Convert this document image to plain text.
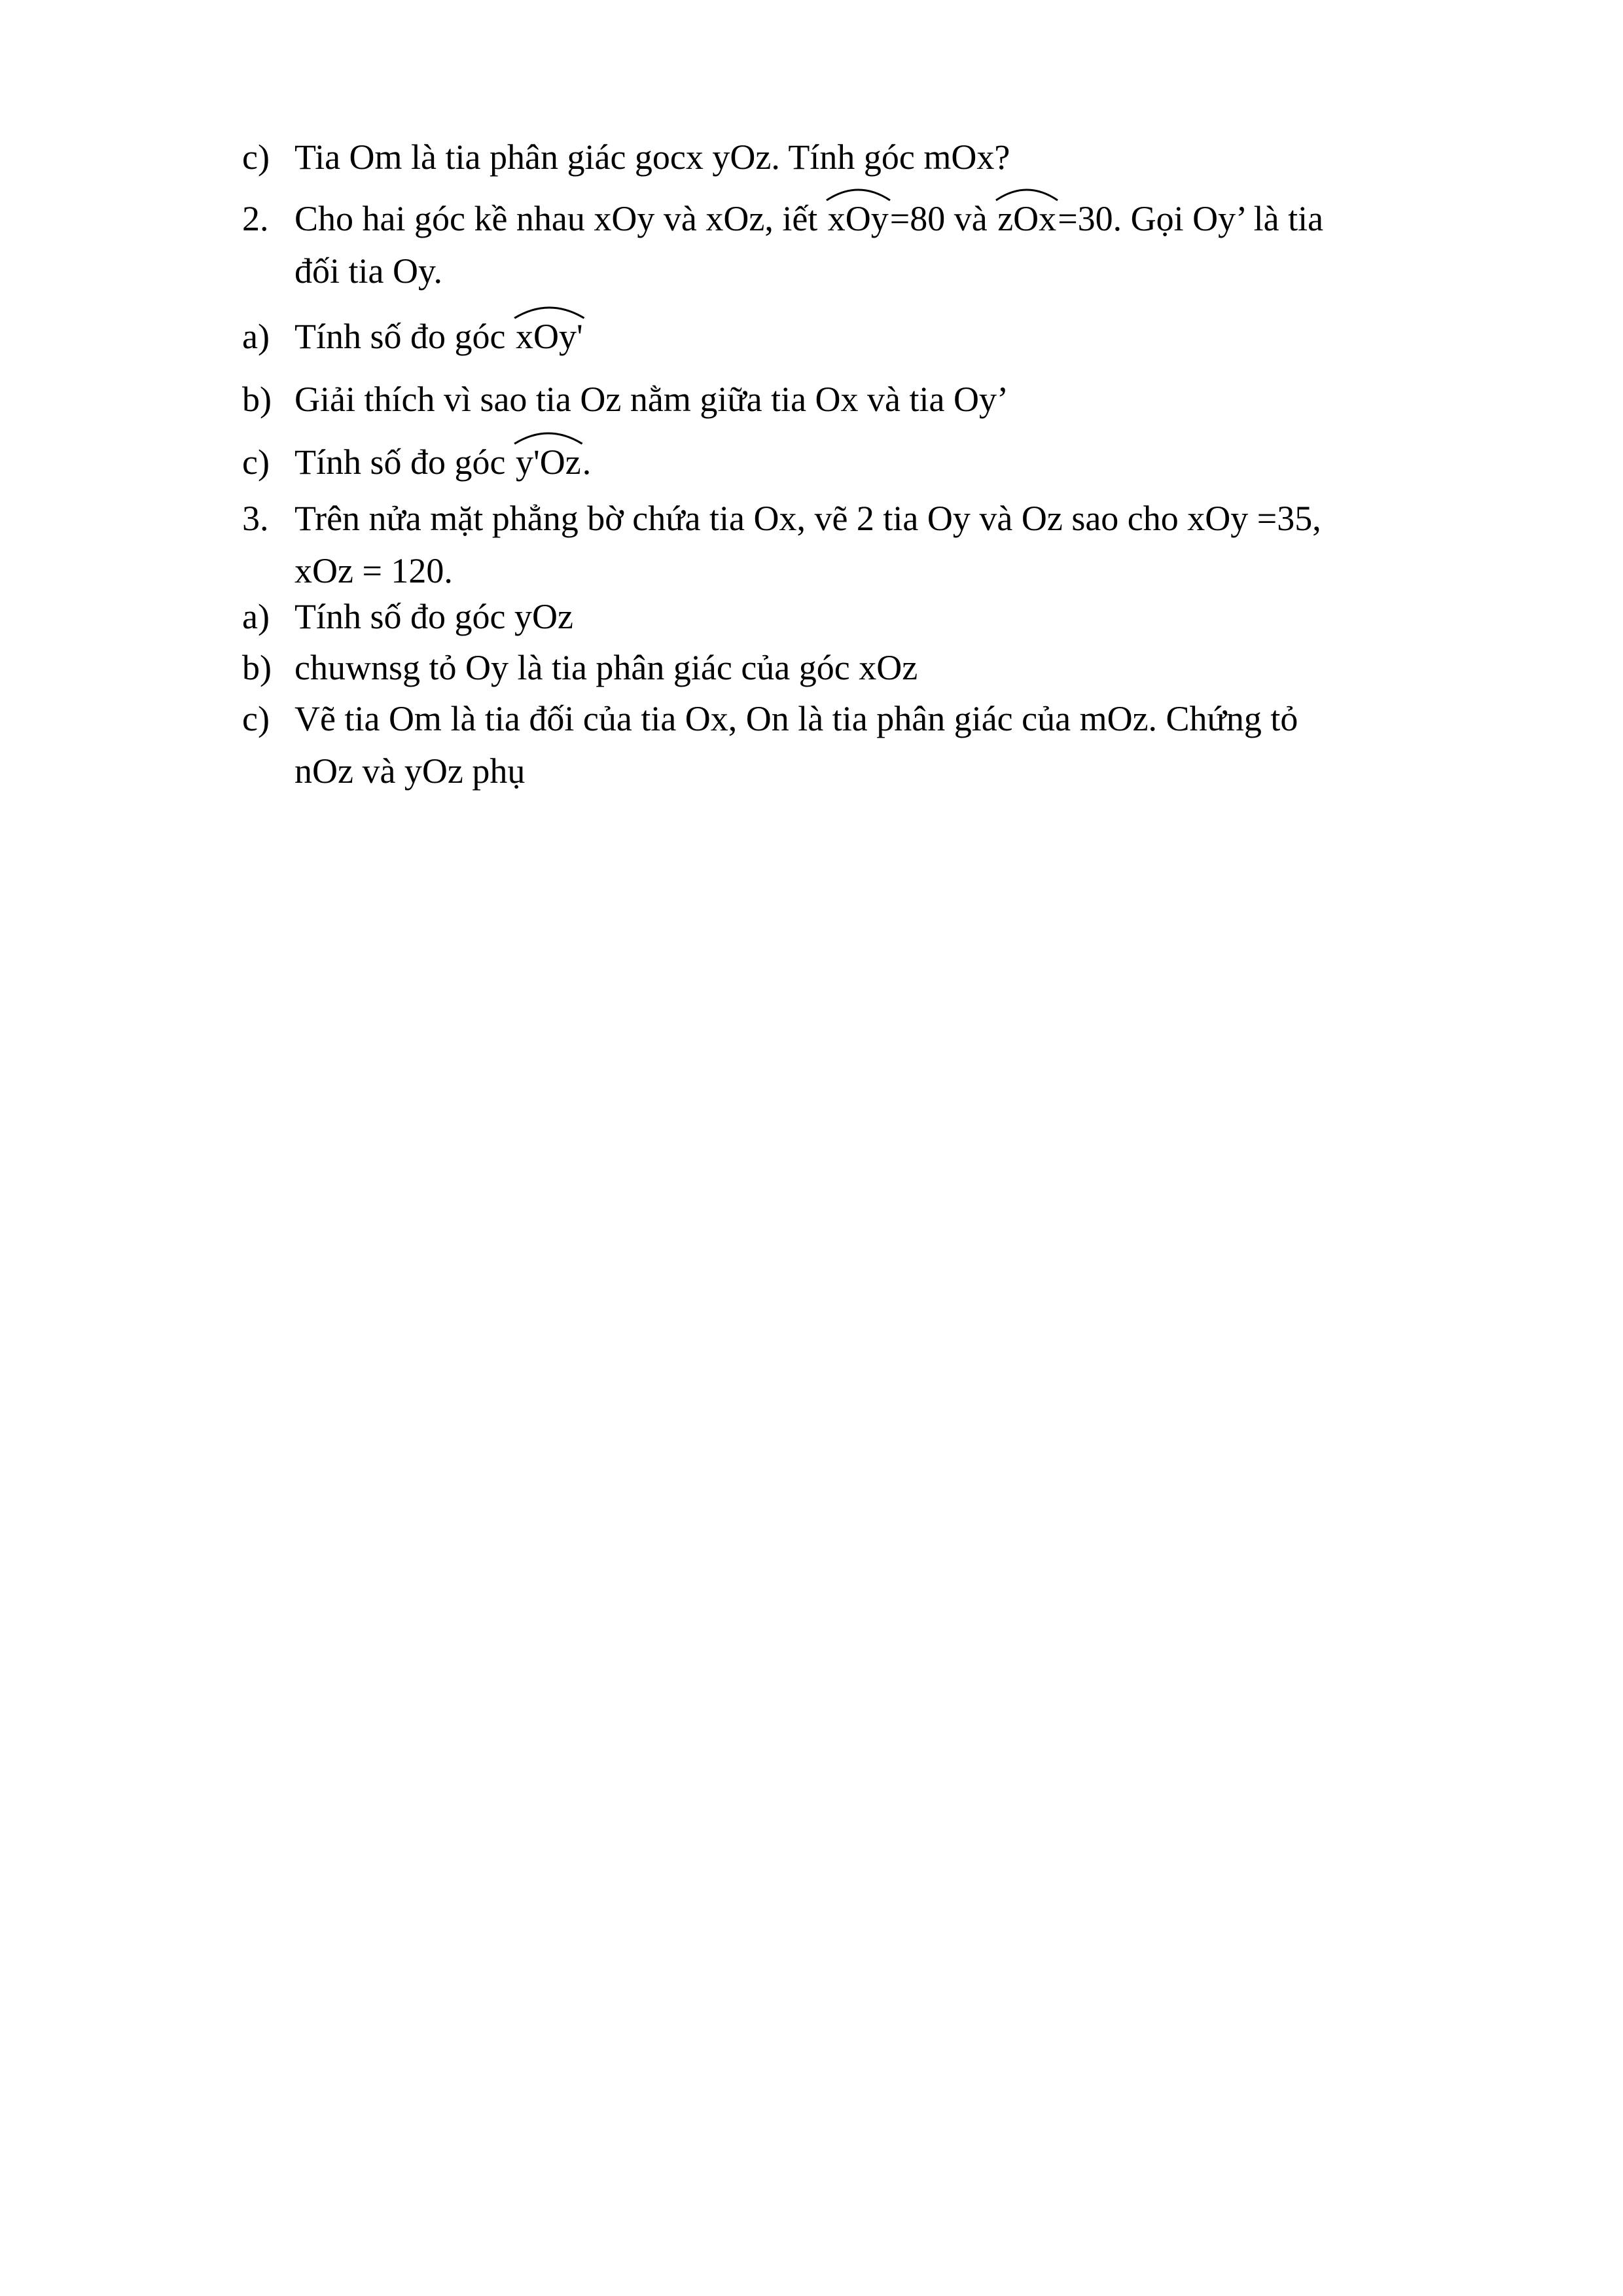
c) Tia Om là tia phân giác gocx yOz. Tính góc mOx?
2. Cho hai góc kề nhau xOy và xOz, iết
xOy=80 và
zOx=30. Gọi Oy’ là tia
đối tia Oy.
a) Tính số đo góc
xOy'
b) Giải thích vì sao tia Oz nằm giữa tia Ox và tia Oy’
c) Tính số đo góc
y'Oz.
3. Trên nửa mặt phẳng bờ chứa tia Ox, vẽ 2 tia Oy và Oz sao cho xOy =35,
xOz = 120.
a) Tính số đo góc yOz
b) chuwnsg tỏ Oy là tia phân giác của góc xOz
c) Vẽ tia Om là tia đối của tia Ox, On là tia phân giác của mOz. Chứng tỏ
nOz và yOz phụ
